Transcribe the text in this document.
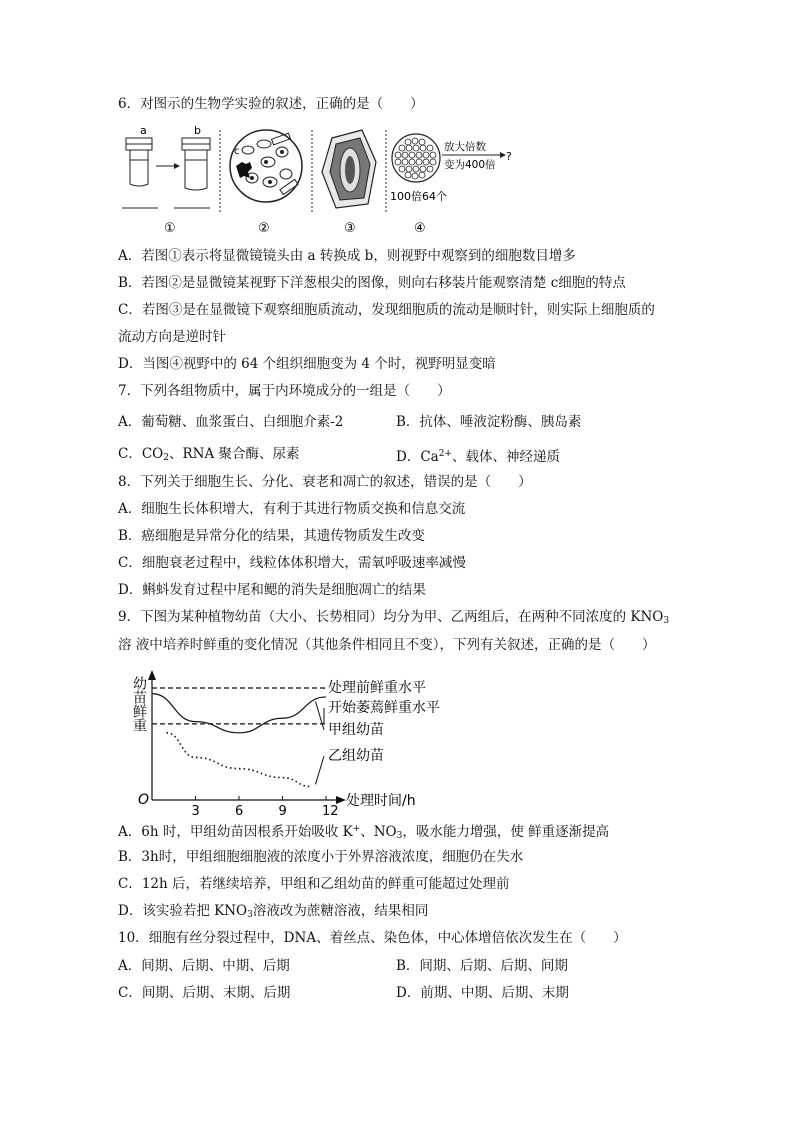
6．对图示的生物学实验的叙述，正确的是（　　）
a	b
①
c
②	③
放大倍数
变为400倍
?
100倍64个
④
A．若图①表示将显微镜镜头由 a 转换成 b，则视野中观察到的细胞数目增多
B．若图②是显微镜某视野下洋葱根尖的图像，则向右移装片能观察清楚 c细胞的特点
C．若图③是在显微镜下观察细胞质流动，发现细胞质的流动是顺时针，则实际上细胞质的
流动方向是逆时针
D．当图④视野中的 64 个组织细胞变为 4 个时，视野明显变暗
7．下列各组物质中，属于内环境成分的一组是（　　）
A．葡萄糖、血浆蛋白、白细胞介素-2	B．抗体、唾液淀粉酶、胰岛素
C．$CO_2$、RNA 聚合酶、尿素	D．$Ca^{2+}$、载体、神经递质
8．下列关于细胞生长、分化、衰老和凋亡的叙述，错误的是（　　）
A．细胞生长体积增大，有利于其进行物质交换和信息交流
B．癌细胞是异常分化的结果，其遗传物质发生改变
C．细胞衰老过程中，线粒体体积增大，需氧呼吸速率减慢
D．蝌蚪发育过程中尾和鳃的消失是细胞凋亡的结果
9．下图为某种植物幼苗（大小、长势相同）均分为甲、乙两组后，在两种不同浓度的 $KNO_3$
溶 液中培养时鲜重的变化情况（其他条件相同且不变），下列有关叙述，正确的是（　　）
O
幼苗鲜重
处理时间/h
3	6	9	12
处理前鲜重水平
开始萎蔫鲜重水平
甲组幼苗
乙组幼苗
A．6h 时，甲组幼苗因根系开始吸收 K+、$NO_3$，吸水能力增强，使 鲜重逐渐提高
B．3h时，甲组细胞细胞液的浓度小于外界溶液浓度，细胞仍在失水
C．12h 后，若继续培养，甲组和乙组幼苗的鲜重可能超过处理前
D．该实验若把 $KNO_3$溶液改为蔗糖溶液，结果相同
10．细胞有丝分裂过程中，DNA、着丝点、染色体，中心体增倍依次发生在（　　）
A．间期、后期、中期、后期	B．间期、后期、后期、间期
C．间期、后期、末期、后期	D．前期、中期、后期、末期
